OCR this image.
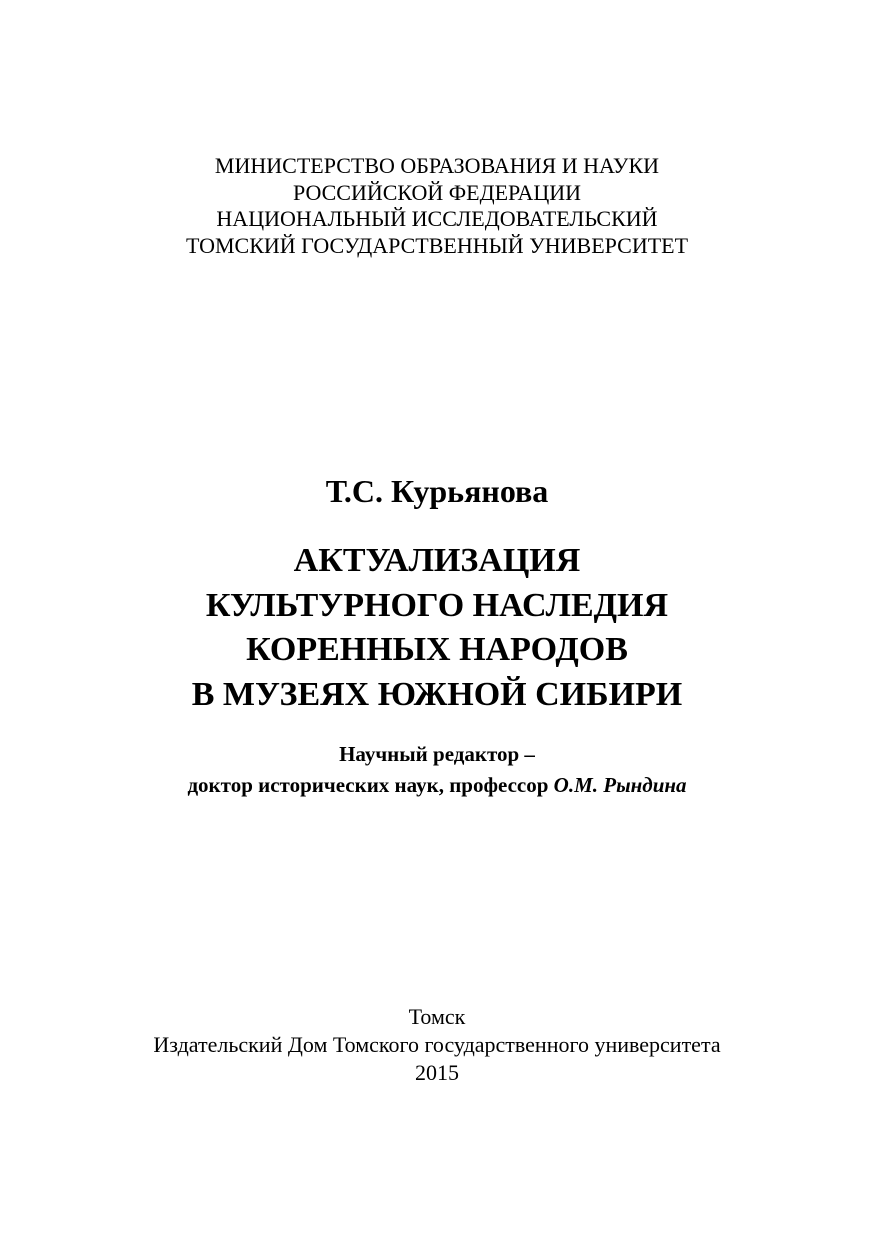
МИНИСТЕРСТВО ОБРАЗОВАНИЯ И НАУКИ
РОССИЙСКОЙ ФЕДЕРАЦИИ
НАЦИОНАЛЬНЫЙ ИССЛЕДОВАТЕЛЬСКИЙ
ТОМСКИЙ ГОСУДАРСТВЕННЫЙ УНИВЕРСИТЕТ
Т.С. Курьянова
АКТУАЛИЗАЦИЯ
КУЛЬТУРНОГО НАСЛЕДИЯ
КОРЕННЫХ НАРОДОВ
В МУЗЕЯХ ЮЖНОЙ СИБИРИ
Научный редактор –
доктор исторических наук, профессор О.М. Рындина
Томск
Издательский Дом Томского государственного университета
2015
